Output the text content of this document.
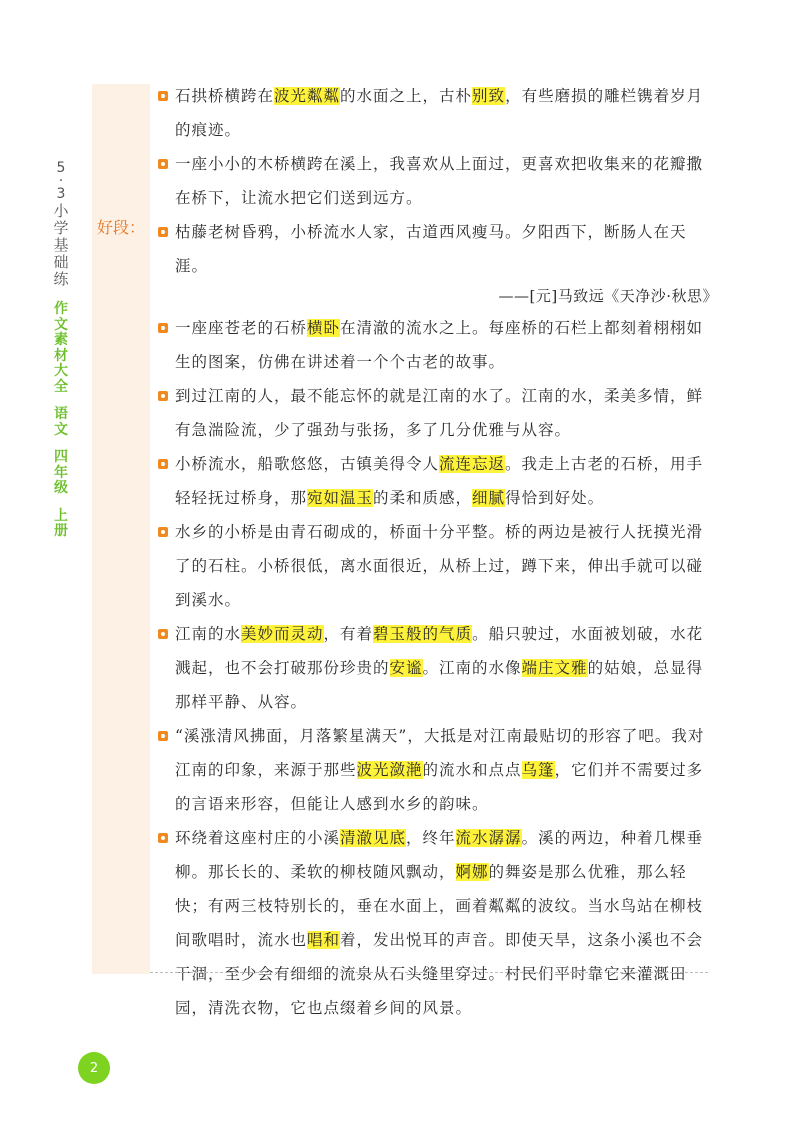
5
·
3
小
学
基
础
练
作
文
素
材
大
全
语
文
四
年
级
上
册
好段：
石拱桥横跨在波光粼粼的水面之上，古朴别致，有些磨损的雕栏镌着岁月的痕迹。
一座小小的木桥横跨在溪上，我喜欢从上面过，更喜欢把收集来的花瓣撒在桥下，让流水把它们送到远方。
枯藤老树昏鸦，小桥流水人家，古道西风瘦马。夕阳西下，断肠人在天涯。
——[元]马致远《天净沙·秋思》
一座座苍老的石桥横卧在清澈的流水之上。每座桥的石栏上都刻着栩栩如生的图案，仿佛在讲述着一个个古老的故事。
到过江南的人，最不能忘怀的就是江南的水了。江南的水，柔美多情，鲜有急湍险流，少了强劲与张扬，多了几分优雅与从容。
小桥流水，船歌悠悠，古镇美得令人流连忘返。我走上古老的石桥，用手轻轻抚过桥身，那宛如温玉的柔和质感，细腻得恰到好处。
水乡的小桥是由青石砌成的，桥面十分平整。桥的两边是被行人抚摸光滑了的石柱。小桥很低，离水面很近，从桥上过，蹲下来，伸出手就可以碰到溪水。
江南的水美妙而灵动，有着碧玉般的气质。船只驶过，水面被划破，水花溅起，也不会打破那份珍贵的安谧。江南的水像端庄文雅的姑娘，总显得那样平静、从容。
“溪涨清风拂面，月落繁星满天”，大抵是对江南最贴切的形容了吧。我对江南的印象，来源于那些波光潋滟的流水和点点乌篷，它们并不需要过多的言语来形容，但能让人感到水乡的韵味。
环绕着这座村庄的小溪清澈见底，终年流水潺潺。溪的两边，种着几棵垂柳。那长长的、柔软的柳枝随风飘动，婀娜的舞姿是那么优雅，那么轻快；有两三枝特别长的，垂在水面上，画着粼粼的波纹。当水鸟站在柳枝间歌唱时，流水也唱和着，发出悦耳的声音。即使天旱，这条小溪也不会干涸，至少会有细细的流泉从石头缝里穿过。村民们平时靠它来灌溉田园，清洗衣物，它也点缀着乡间的风景。
2
